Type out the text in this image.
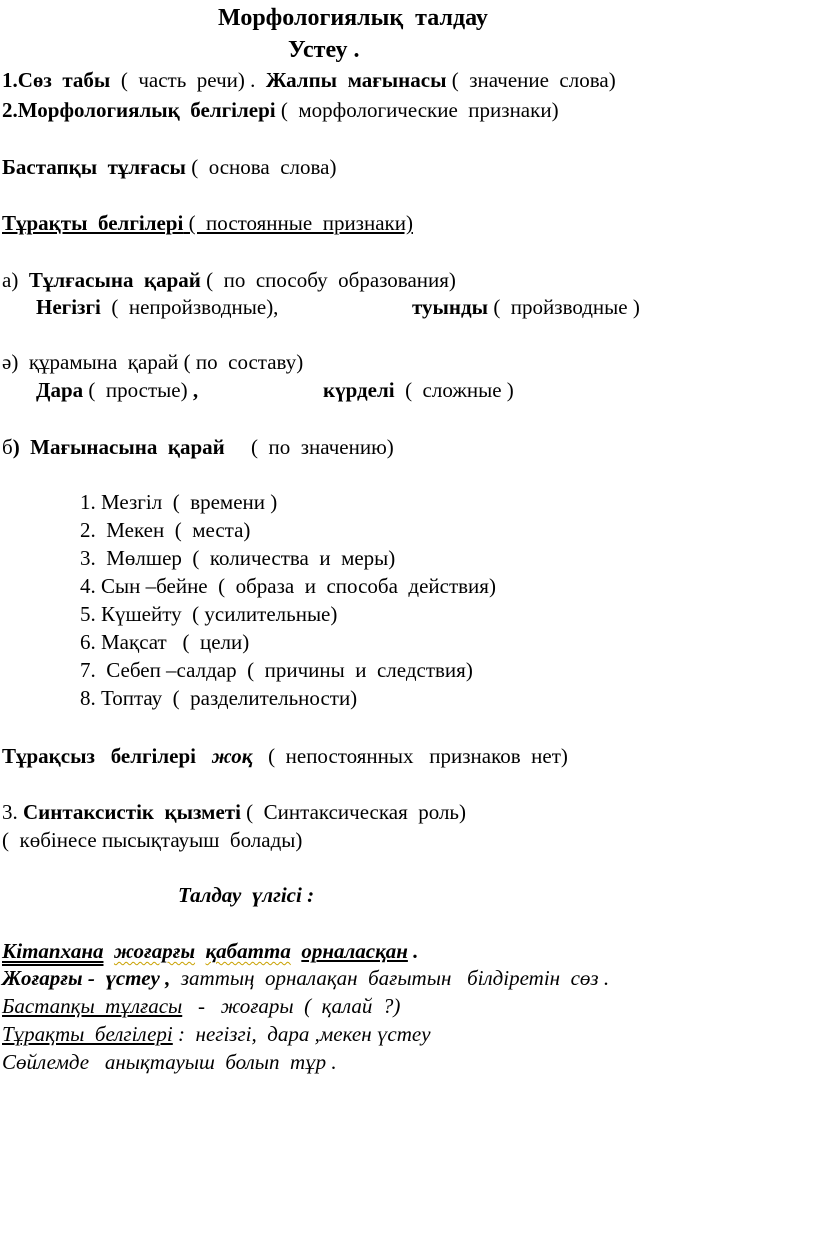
Морфологиялық  талдау
Устеу .
1.Сөз  табы  (  часть  речи) .  Жалпы  мағынасы (  значение  слова)
2.Морфологиялық  белгілері (  морфологические  признаки)
Бастапқы  тұлғасы (  основа  слова)
Тұрақты  белгілері (  постоянные  признаки)
а)  Тұлғасына  қарай (  по  способу  образования)
Негізгі  (  непройзводные),	туынды (  пройзводные )
ә)  құрамына  қарай ( по  составу)
Дара (  простые) ,	күрделі  (  сложные )
б)  Мағынасына  қарай     (  по  значению)
1. Мезгіл  (  времени )
2.  Мекен  (  места)
3.  Мөлшер  (  количества  и  меры)
4. Сын –бейне  (  образа  и  способа  действия)
5. Күшейту  ( усилительные)
6. Мақсат   (  цели)
7.  Себеп –салдар  (  причины  и  следствия)
8. Топтау  (  разделительности)
Тұрақсыз   белгілері жоқ   (  непостоянных   признаков  нет)
3. Синтаксистік  қызметі (  Синтаксическая  роль)
(  көбінесе пысықтауыш  болады)
Талдау  үлгісі :
Кітапхана жоғарғы қабатта орналасқан .
Жоғарғы -  үстеу ,  заттың  орналақан  бағытын   білдіретін  сөз .
Бастапқы  тұлғасы   -   жоғары  (  қалай  ?)
Тұрақты  белгілері :  негізгі,  дара ,мекен үстеу
Сөйлемде   анықтауыш  болып  тұр .
